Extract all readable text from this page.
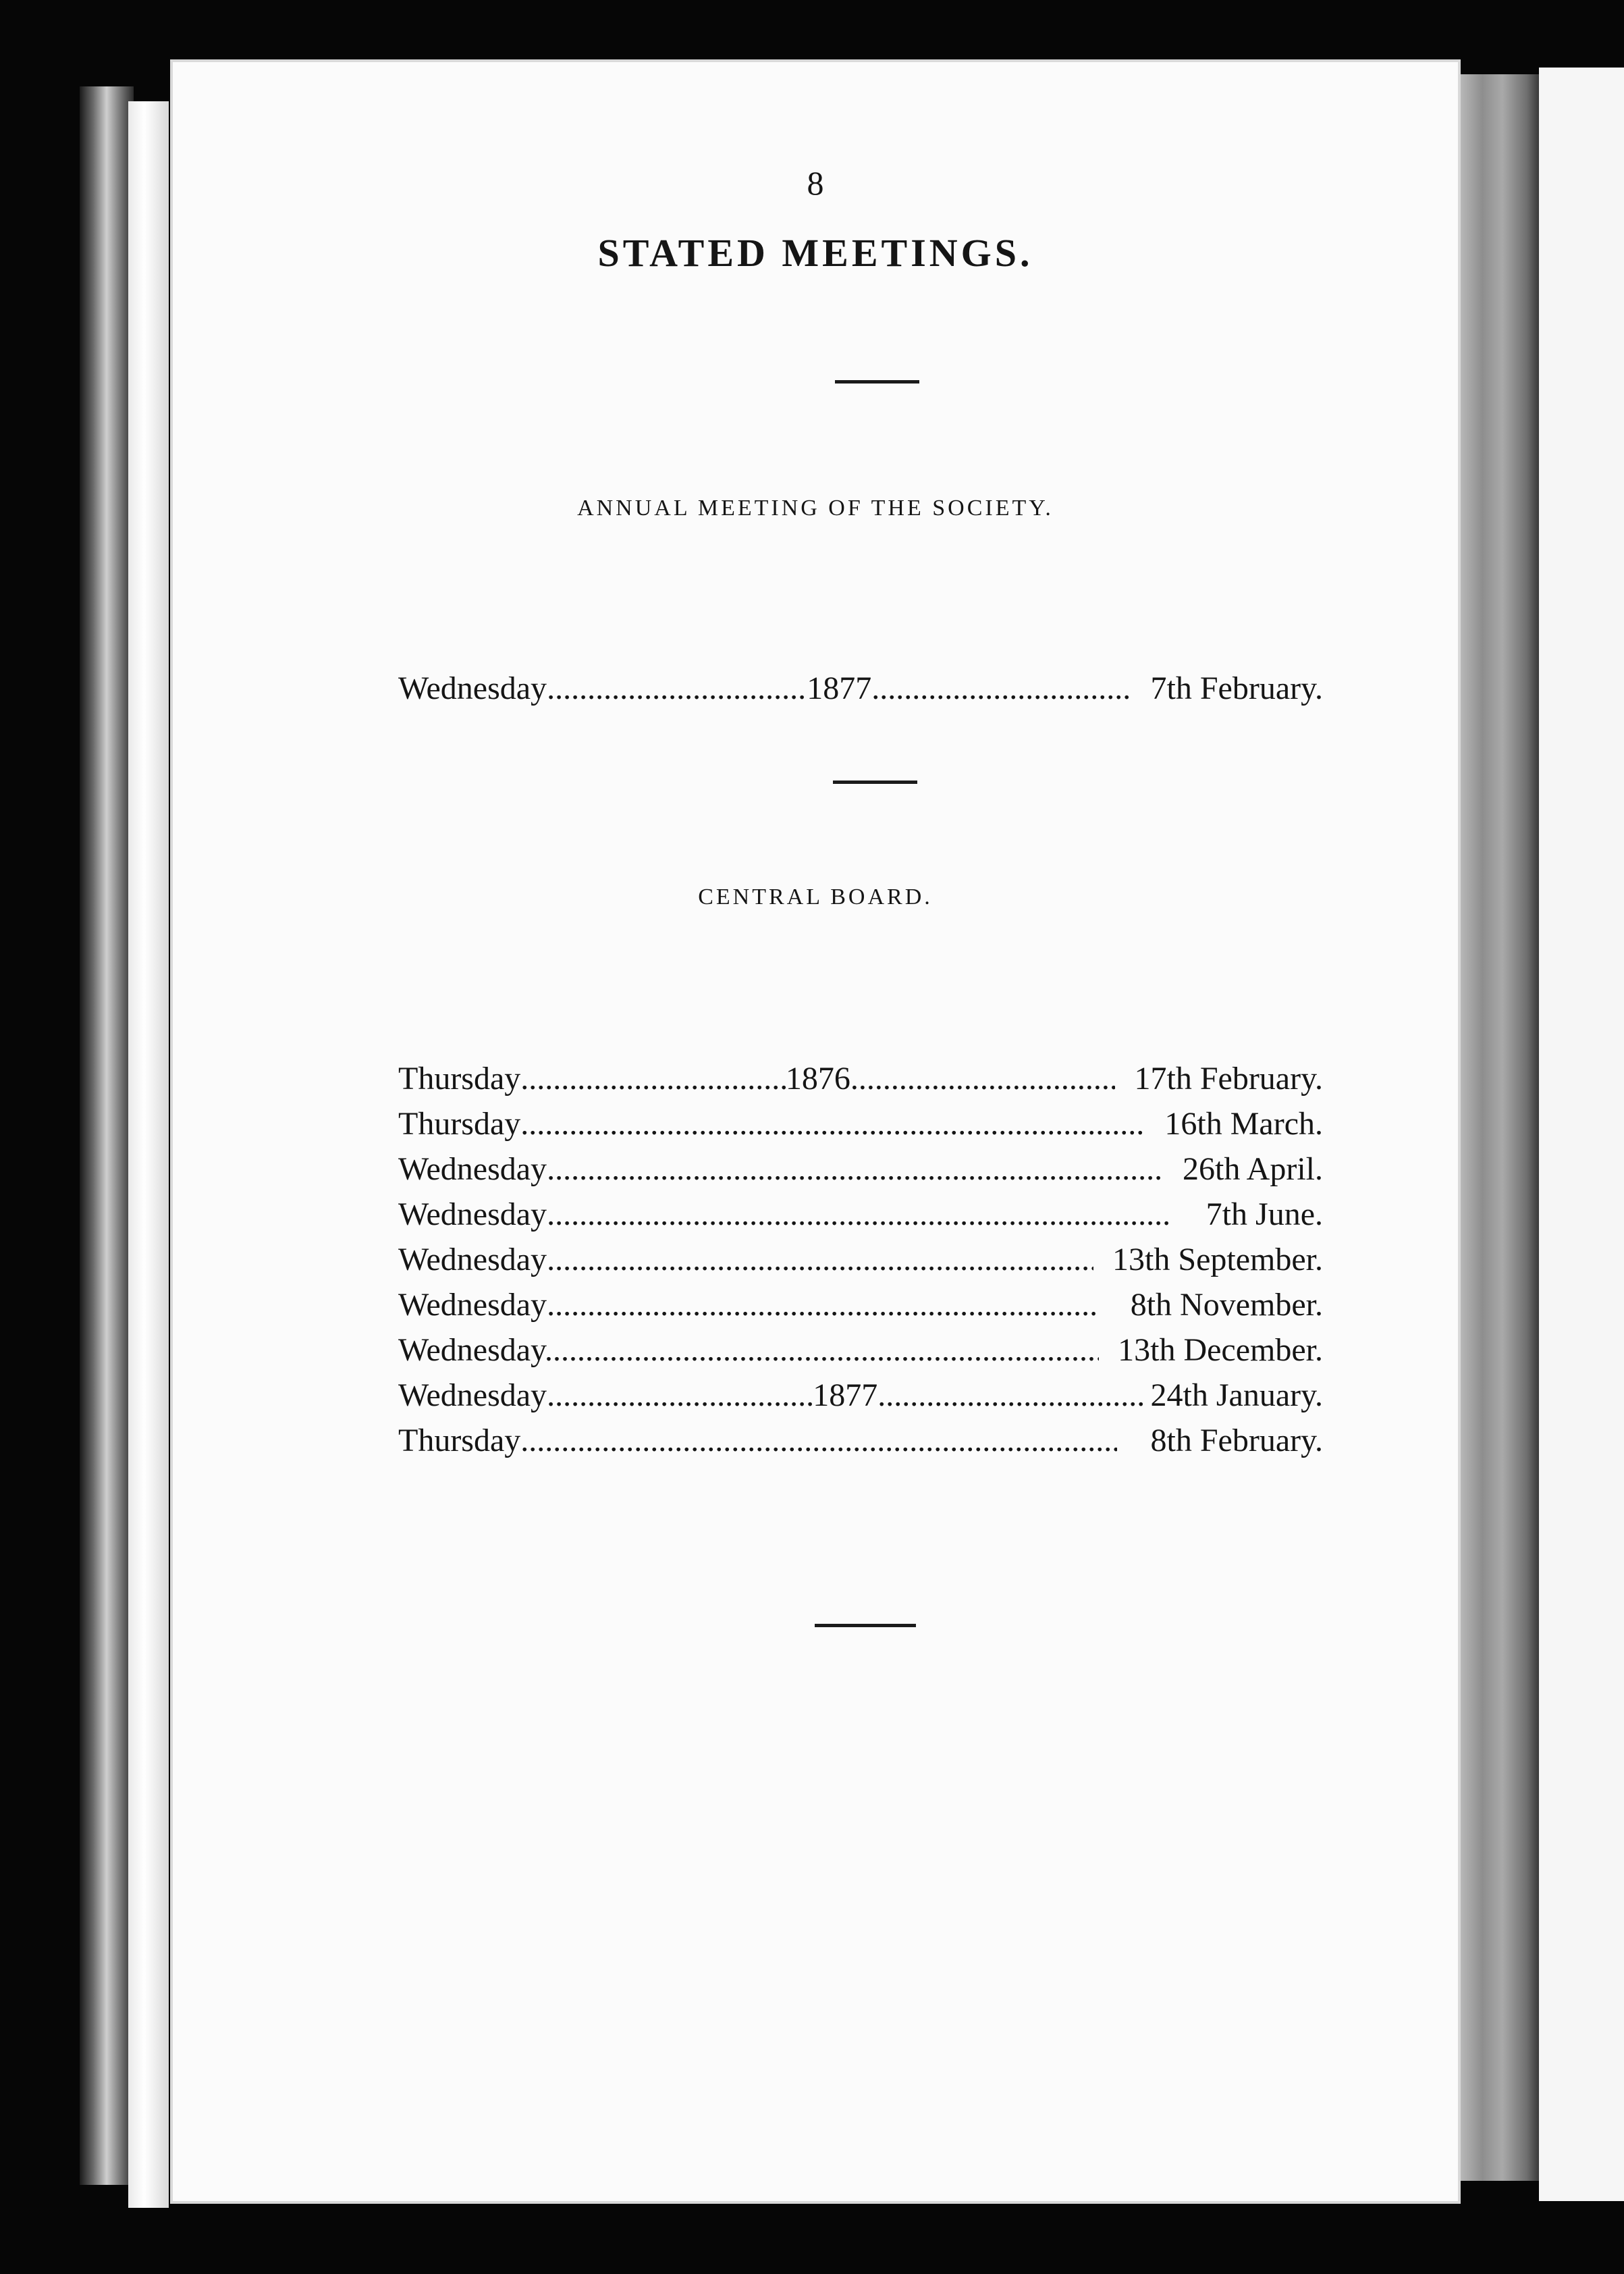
8
STATED MEETINGS.
ANNUAL MEETING OF THE SOCIETY.
Wednesday . . .	1877 . . .	7th February.
CENTRAL BOARD.
Thursday . . .	1876 . . .	17th February.
Thursday . . .	16th March.
Wednesday . . .	26th April.
Wednesday . . .	7th June.
Wednesday . . .	13th September.
Wednesday . . .	8th November.
Wednesday. . . .	13th December.
Wednesday . . .	1877 . . .	24th January.
Thursday . . .	8th February.
